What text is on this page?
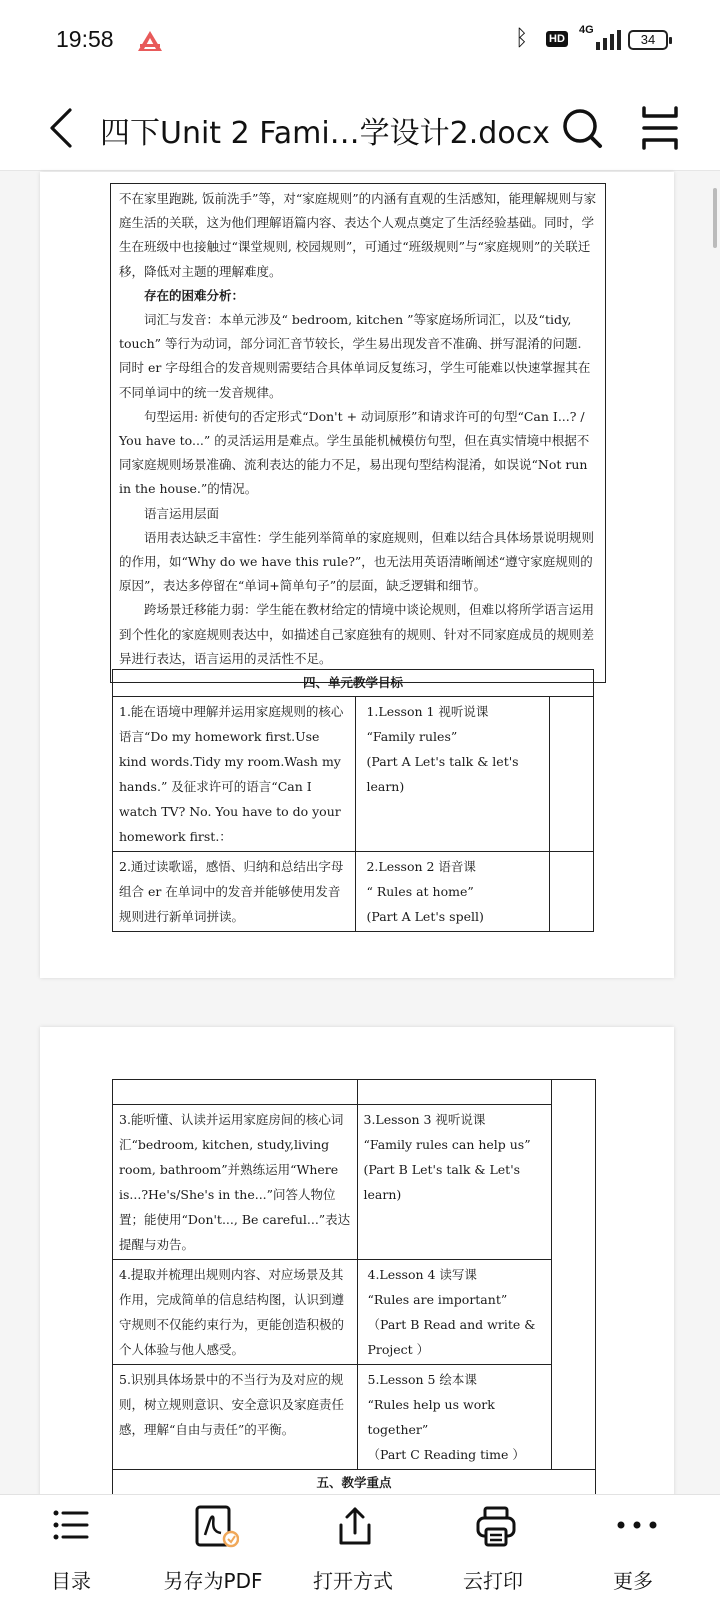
19:58	ᛒ HD
4G
34
四下Unit 2 Fami…学设计2.docx

不在家里跑跳, 饭前洗手”等，对“家庭规则”的内涵有直观的生活感知，能理解规则与家庭生活的关联，这为他们理解语篇内容、表达个人观点奠定了生活经验基础。同时，学生在班级中也接触过“课堂规则, 校园规则”，可通过“班级规则”与“家庭规则”的关联迁移，降低对主题的理解难度。

存在的困难分析：

词汇与发音：本单元涉及“ bedroom, kitchen ”等家庭场所词汇，以及“tidy, touch” 等行为动词，部分词汇音节较长，学生易出现发音不准确、拼写混淆的问题. 同时 er 字母组合的发音规则需要结合具体单词反复练习，学生可能难以快速掌握其在不同单词中的统一发音规律。

句型运用: 祈使句的否定形式“Don't + 动词原形”和请求许可的句型“Can I...? / You have to...” 的灵活运用是难点。学生虽能机械模仿句型，但在真实情境中根据不同家庭规则场景准确、流利表达的能力不足，易出现句型结构混淆，如误说“Not run in the house.”的情况。

语言运用层面

语用表达缺乏丰富性：学生能列举简单的家庭规则，但难以结合具体场景说明规则的作用，如“Why do we have this rule?”，也无法用英语清晰阐述“遵守家庭规则的原因”，表达多停留在“单词+简单句子”的层面，缺乏逻辑和细节。

跨场景迁移能力弱：学生能在教材给定的情境中谈论规则，但难以将所学语言运用到个性化的家庭规则表达中，如描述自己家庭独有的规则、针对不同家庭成员的规则差异进行表达，语言运用的灵活性不足。

四、单元教学目标		
1.能在语境中理解并运用家庭规则的核心语言“Do my homework first.Use kind words.Tidy my room.Wash my hands.” 及征求许可的语言“Can I watch TV? No. You have to do your homework first.：	1.Lesson 1 视听说课
“Family rules”
(Part A Let's talk & let's learn)	
2.通过读歌谣，感悟、归纳和总结出字母组合 er 在单词中的发音并能够使用发音规则进行新单词拼读。	2.Lesson 2 语音课
“ Rules at home”
(Part A Let's spell)	

3.能听懂、认读并运用家庭房间的核心词汇“bedroom, kitchen, study,living room, bathroom”并熟练运用“Where is...?He's/She's in the...”问答人物位置；能使用“Don't..., Be careful...”表达提醒与劝告。	3.Lesson 3 视听说课
“Family rules can help us”
(Part B Let's talk & Let's learn)	
4.提取并梳理出规则内容、对应场景及其作用，完成简单的信息结构图，认识到遵守规则不仅能约束行为，更能创造积极的个人体验与他人感受。	4.Lesson 4 读写课
“Rules are important”
（Part B Read and write & Project ）	
5.识别具体场景中的不当行为及对应的规则，树立规则意识、安全意识及家庭责任感，理解“自由与责任”的平衡。	5.Lesson 5 绘本课
“Rules help us work together”
（Part C Reading time ）	
五、教学重点		

目录	另存为PDF	打开方式	云打印	更多
